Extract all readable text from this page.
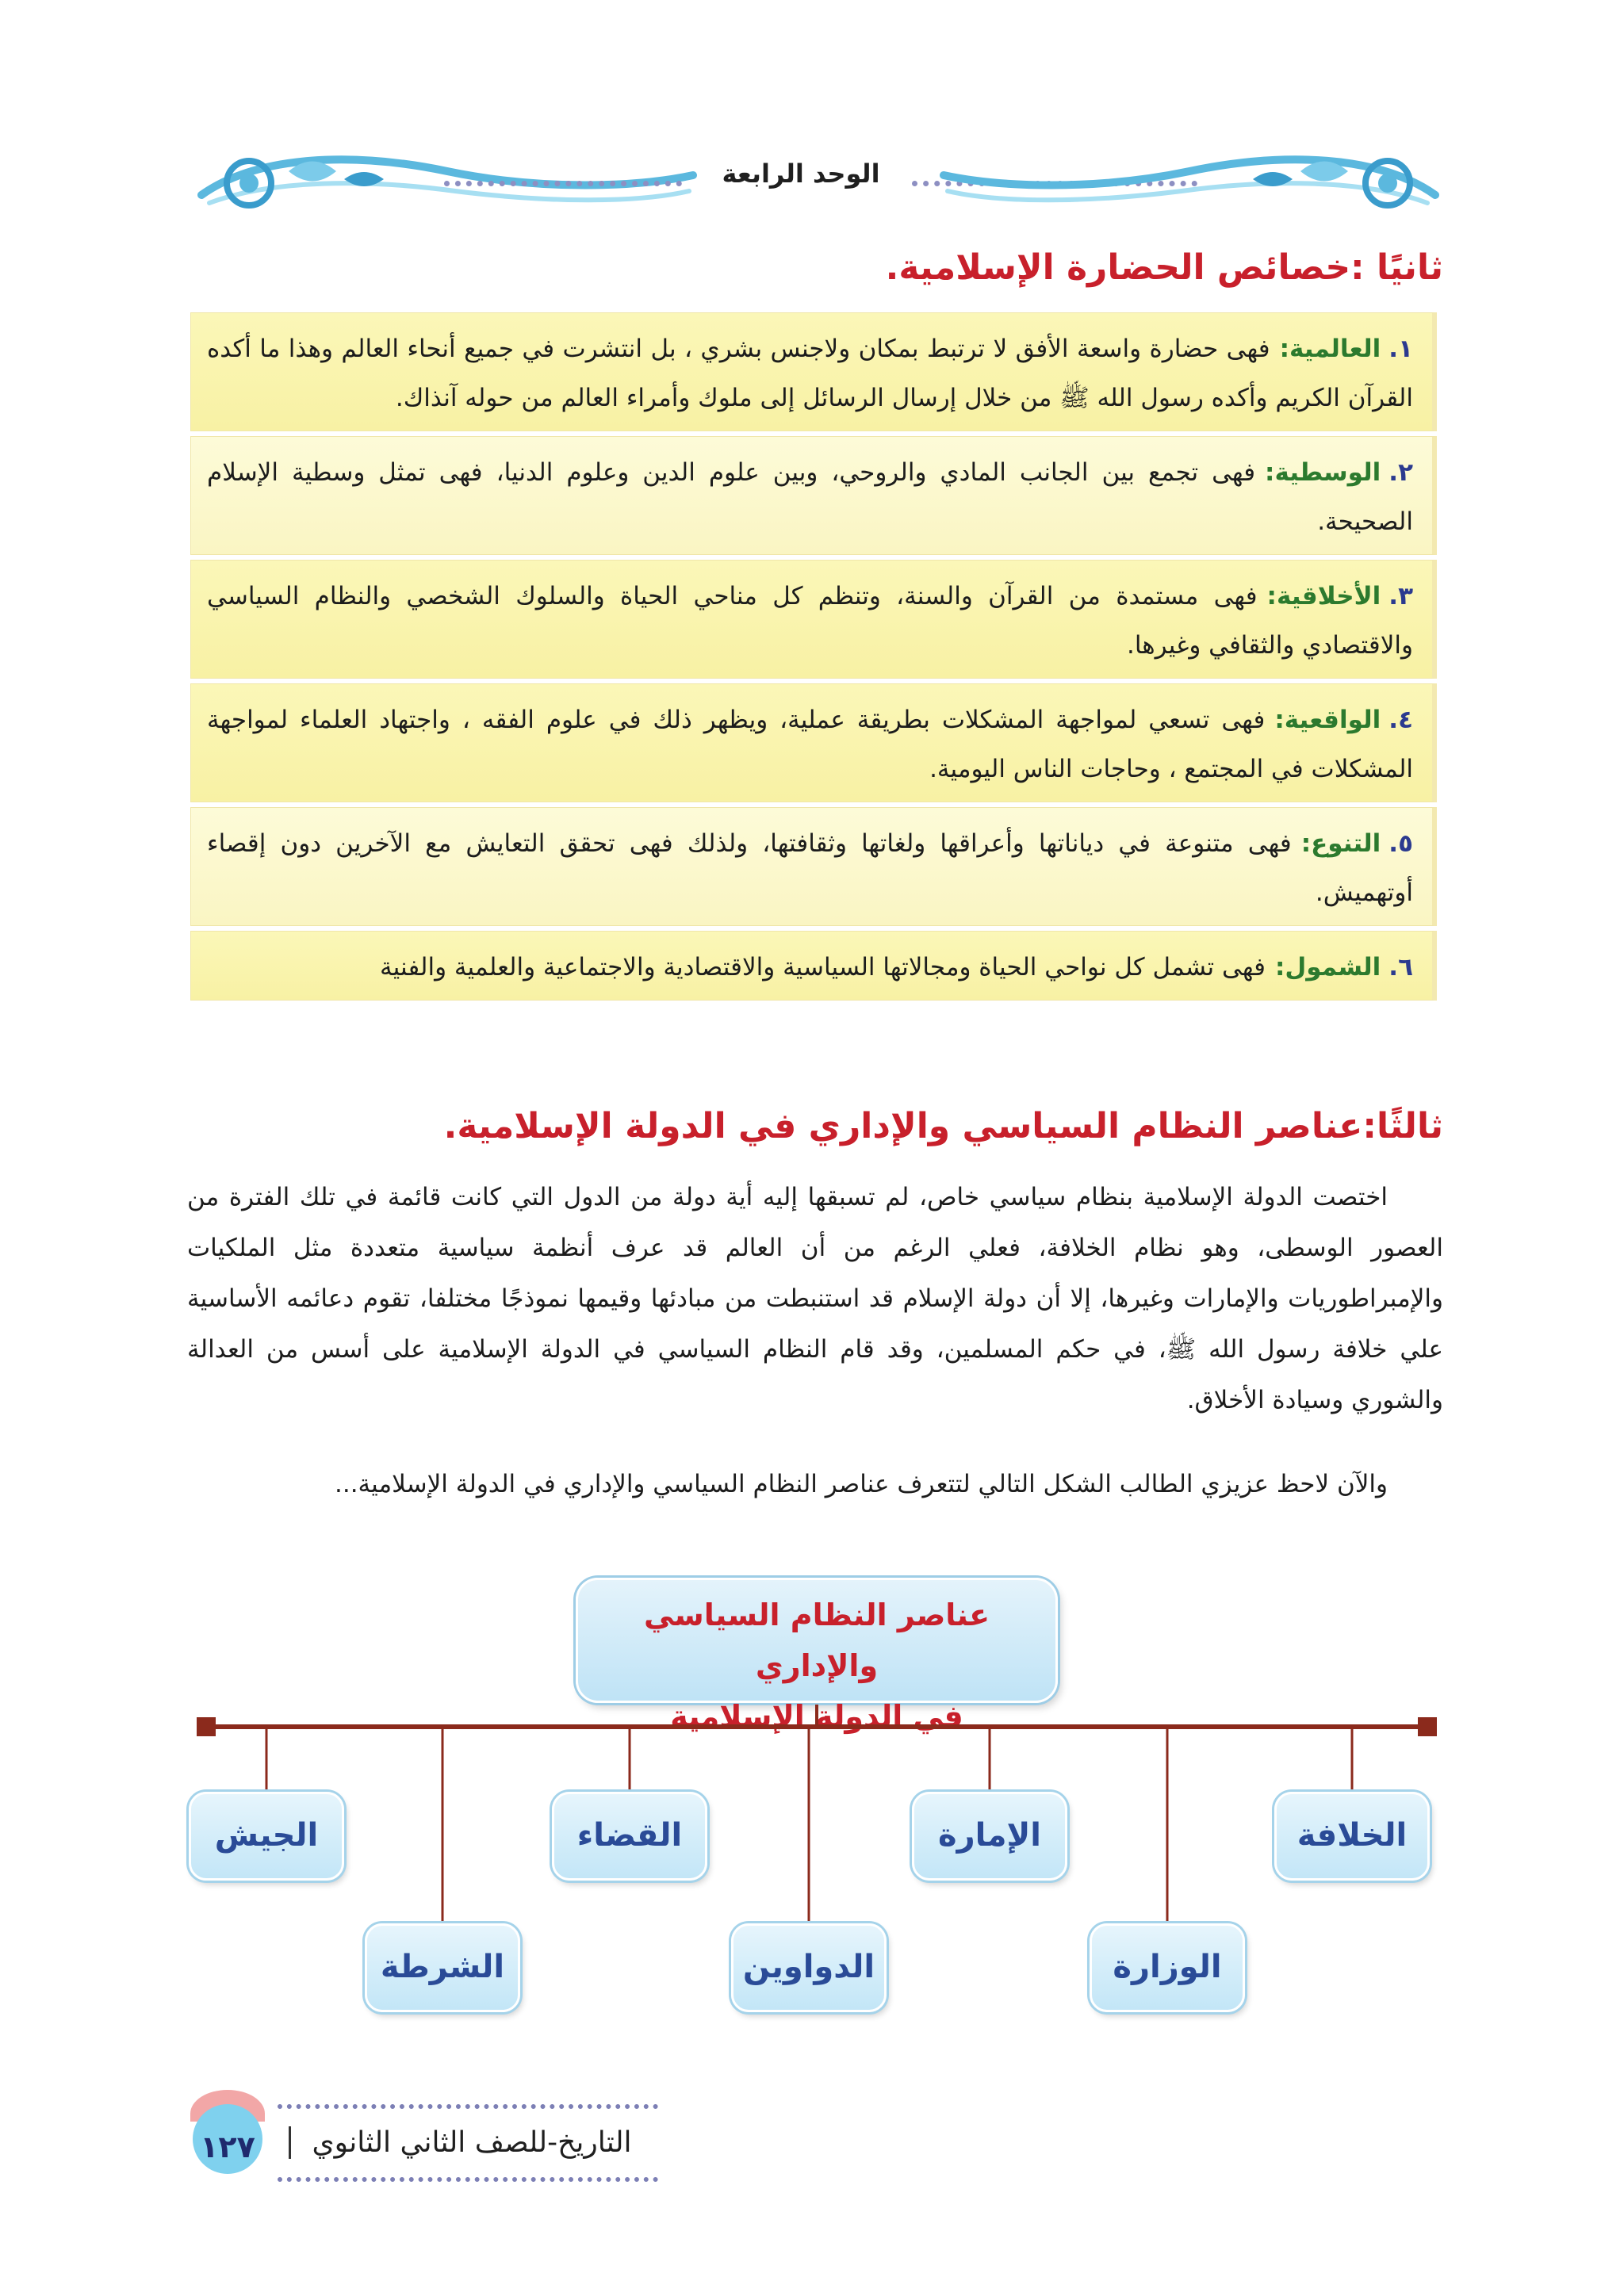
الوحد الرابعة
ثانيًا :خصائص الحضارة الإسلامية.
١.العالمية:فهى حضارة واسعة الأفق لا ترتبط بمكان ولاجنس بشري ، بل انتشرت في جميع أنحاء العالم وهذا ما أكده القرآن الكريم وأكده رسول الله ﷺ من خلال إرسال الرسائل إلى ملوك وأمراء العالم من حوله آنذاك.
٢.الوسطية:فهى تجمع بين الجانب المادي والروحي، وبين علوم الدين وعلوم الدنيا، فهى تمثل وسطية الإسلام الصحيحة.
٣.الأخلاقية:فهى مستمدة من القرآن والسنة، وتنظم كل مناحي الحياة والسلوك الشخصي والنظام السياسي والاقتصادي والثقافي وغيرها.
٤.الواقعية:فهى تسعي لمواجهة المشكلات بطريقة عملية، ويظهر ذلك في علوم الفقه ، واجتهاد العلماء لمواجهة المشكلات في المجتمع ، وحاجات الناس اليومية.
٥.التنوع:فهى متنوعة في دياناتها وأعراقها ولغاتها وثقافتها، ولذلك فهى تحقق التعايش مع الآخرين دون إقصاء أوتهميش.
٦.الشمول:فهى تشمل كل نواحي الحياة ومجالاتها السياسية والاقتصادية والاجتماعية والعلمية والفنية
ثالثًا:عناصر النظام السياسي والإداري في الدولة الإسلامية.

اختصت الدولة الإسلامية بنظام سياسي خاص، لم تسبقها إليه أية دولة من الدول التي كانت قائمة في تلك الفترة من العصور الوسطى، وهو نظام الخلافة، فعلي الرغم من أن العالم قد عرف أنظمة سياسية متعددة مثل الملكيات والإمبراطوريات والإمارات وغيرها، إلا أن دولة الإسلام قد استنبطت من مبادئها وقيمها نموذجًا مختلفا، تقوم دعائمه الأساسية علي خلافة رسول الله ﷺ، في حكم المسلمين، وقد قام النظام السياسي في الدولة الإسلامية على أسس من العدالة والشوري وسيادة الأخلاق.

والآن لاحظ عزيزي الطالب الشكل التالي لتتعرف عناصر النظام السياسي والإداري في الدولة الإسلامية...

عناصر النظام السياسي والإداري
في الدولة الإسلامية
الخلافة
الإمارة
القضاء
الجيش
الوزارة
الدواوين
الشرطة
١٢٧	التاريخ-للصف الثاني الثانوي
